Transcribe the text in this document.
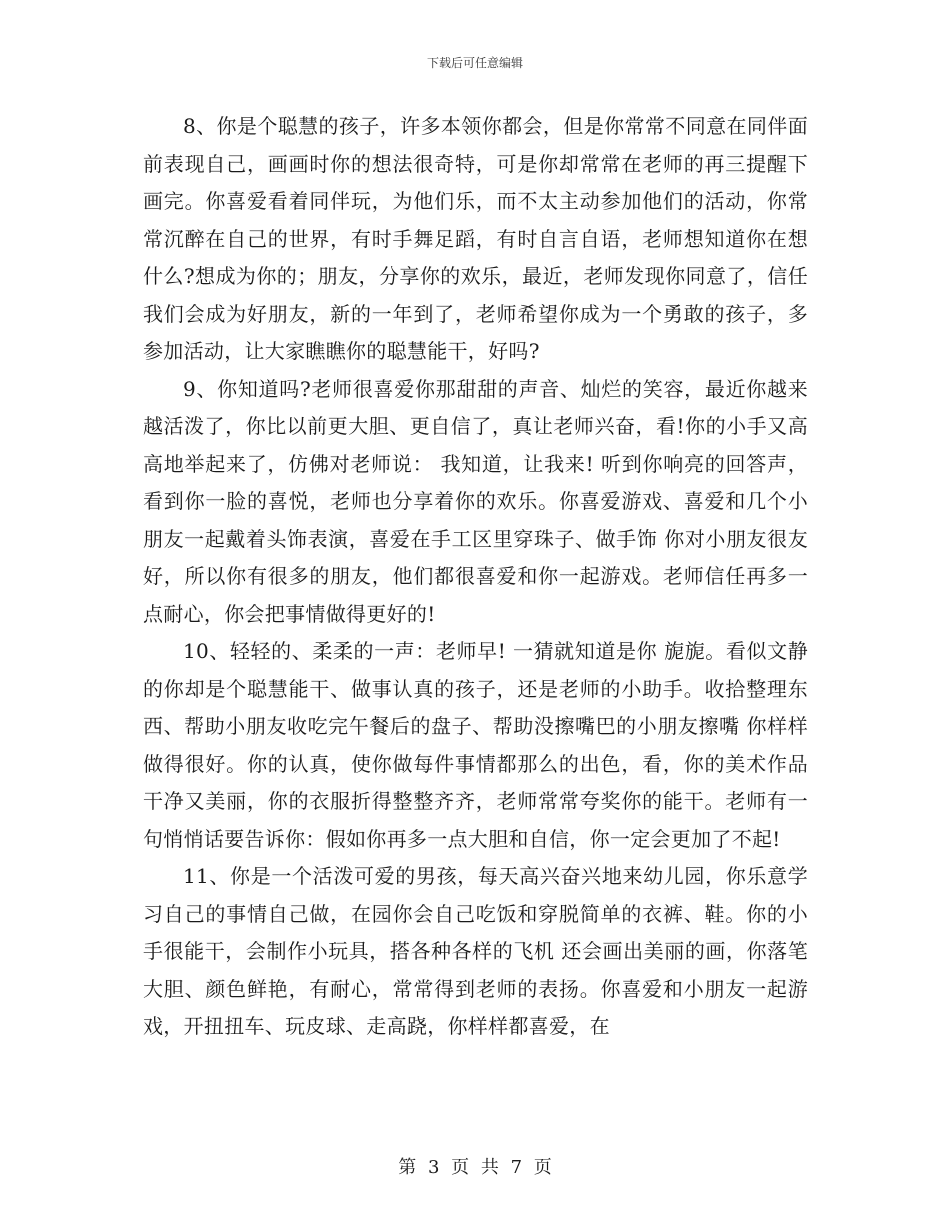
下载后可任意编辑

8、你是个聪慧的孩子，许多本领你都会，但是你常常不同意在同伴面前表现自己，画画时你的想法很奇特，可是你却常常在老师的再三提醒下画完。你喜爱看着同伴玩，为他们乐，而不太主动参加他们的活动，你常常沉醉在自己的世界，有时手舞足蹈，有时自言自语，老师想知道你在想什么?想成为你的；朋友，分享你的欢乐，最近，老师发现你同意了，信任我们会成为好朋友，新的一年到了，老师希望你成为一个勇敢的孩子，多参加活动，让大家瞧瞧你的聪慧能干，好吗?

9、你知道吗?老师很喜爱你那甜甜的声音、灿烂的笑容，最近你越来越活泼了，你比以前更大胆、更自信了，真让老师兴奋，看!你的小手又高高地举起来了，仿佛对老师说： 我知道，让我来! 听到你响亮的回答声，看到你一脸的喜悦，老师也分享着你的欢乐。你喜爱游戏、喜爱和几个小朋友一起戴着头饰表演，喜爱在手工区里穿珠子、做手饰 你对小朋友很友好，所以你有很多的朋友，他们都很喜爱和你一起游戏。老师信任再多一点耐心，你会把事情做得更好的!

10、轻轻的、柔柔的一声：老师早! 一猜就知道是你 旎旎。看似文静的你却是个聪慧能干、做事认真的孩子，还是老师的小助手。收拾整理东西、帮助小朋友收吃完午餐后的盘子、帮助没擦嘴巴的小朋友擦嘴 你样样做得很好。你的认真，使你做每件事情都那么的出色，看，你的美术作品干净又美丽，你的衣服折得整整齐齐，老师常常夸奖你的能干。老师有一句悄悄话要告诉你：假如你再多一点大胆和自信，你一定会更加了不起!

11、你是一个活泼可爱的男孩，每天高兴奋兴地来幼儿园，你乐意学习自己的事情自己做，在园你会自己吃饭和穿脱简单的衣裤、鞋。你的小手很能干，会制作小玩具，搭各种各样的飞机 还会画出美丽的画，你落笔大胆、颜色鲜艳，有耐心，常常得到老师的表扬。你喜爱和小朋友一起游戏，开扭扭车、玩皮球、走高跷，你样样都喜爱，在

第 3 页 共 7 页
